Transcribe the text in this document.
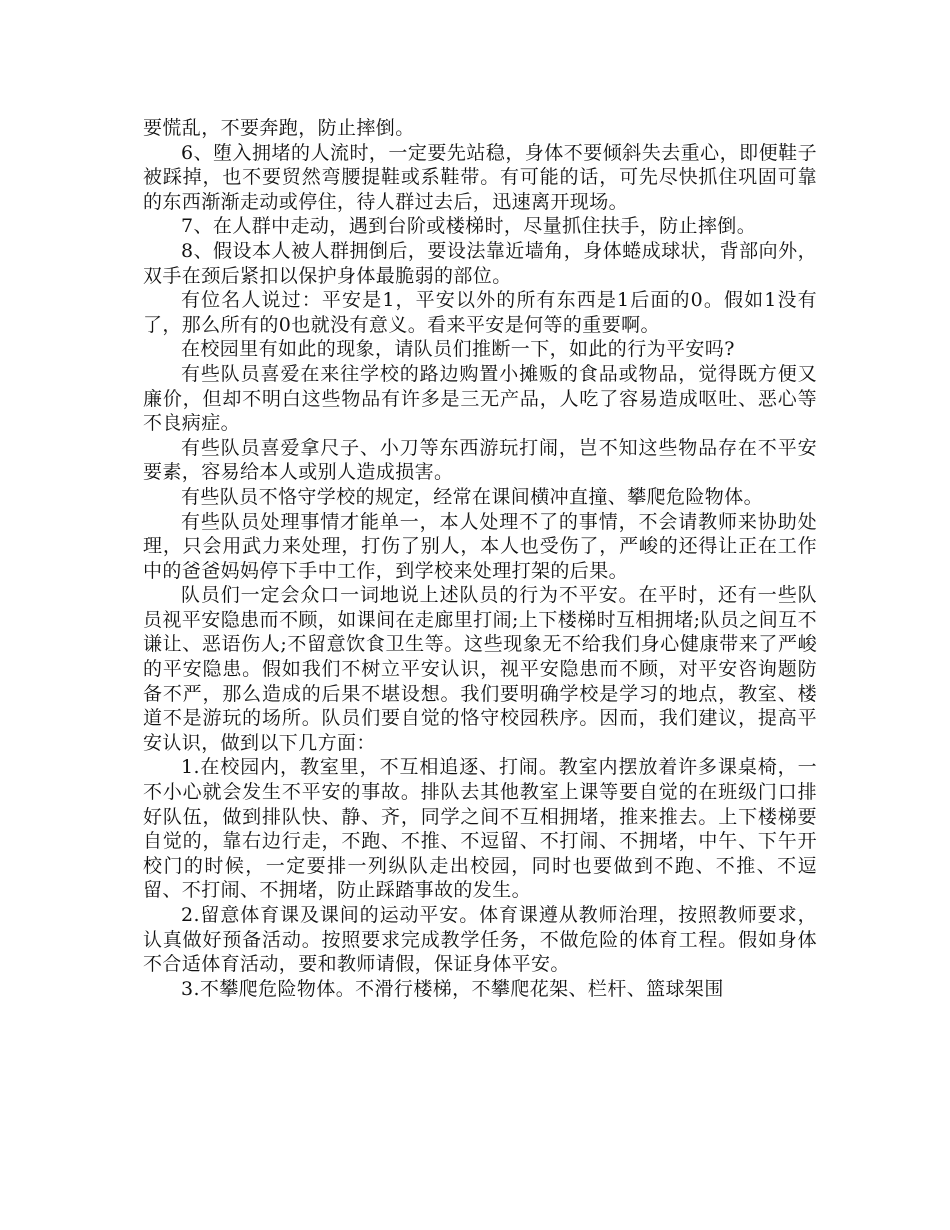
要慌乱，不要奔跑，防止摔倒。

6、堕入拥堵的人流时，一定要先站稳，身体不要倾斜失去重心，即便鞋子被踩掉，也不要贸然弯腰提鞋或系鞋带。有可能的话，可先尽快抓住巩固可靠的东西渐渐走动或停住，待人群过去后，迅速离开现场。

7、在人群中走动，遇到台阶或楼梯时，尽量抓住扶手，防止摔倒。

8、假设本人被人群拥倒后，要设法靠近墙角，身体蜷成球状，背部向外，双手在颈后紧扣以保护身体最脆弱的部位。

有位名人说过：平安是1，平安以外的所有东西是1后面的0。假如1没有了，那么所有的0也就没有意义。看来平安是何等的重要啊。

在校园里有如此的现象，请队员们推断一下，如此的行为平安吗?

有些队员喜爱在来往学校的路边购置小摊贩的食品或物品，觉得既方便又廉价，但却不明白这些物品有许多是三无产品，人吃了容易造成呕吐、恶心等不良病症。

有些队员喜爱拿尺子、小刀等东西游玩打闹，岂不知这些物品存在不平安要素，容易给本人或别人造成损害。

有些队员不恪守学校的规定，经常在课间横冲直撞、攀爬危险物体。

有些队员处理事情才能单一，本人处理不了的事情，不会请教师来协助处理，只会用武力来处理，打伤了别人，本人也受伤了，严峻的还得让正在工作中的爸爸妈妈停下手中工作，到学校来处理打架的后果。

队员们一定会众口一词地说上述队员的行为不平安。在平时，还有一些队员视平安隐患而不顾，如课间在走廊里打闹;上下楼梯时互相拥堵;队员之间互不谦让、恶语伤人;不留意饮食卫生等。这些现象无不给我们身心健康带来了严峻的平安隐患。假如我们不树立平安认识，视平安隐患而不顾，对平安咨询题防备不严，那么造成的后果不堪设想。我们要明确学校是学习的地点，教室、楼道不是游玩的场所。队员们要自觉的恪守校园秩序。因而，我们建议，提高平安认识，做到以下几方面：

1.在校园内，教室里，不互相追逐、打闹。教室内摆放着许多课桌椅，一不小心就会发生不平安的事故。排队去其他教室上课等要自觉的在班级门口排好队伍，做到排队快、静、齐，同学之间不互相拥堵，推来推去。上下楼梯要自觉的，靠右边行走，不跑、不推、不逗留、不打闹、不拥堵，中午、下午开校门的时候，一定要排一列纵队走出校园，同时也要做到不跑、不推、不逗留、不打闹、不拥堵，防止踩踏事故的发生。

2.留意体育课及课间的运动平安。体育课遵从教师治理，按照教师要求，认真做好预备活动。按照要求完成教学任务，不做危险的体育工程。假如身体不合适体育活动，要和教师请假，保证身体平安。

3.不攀爬危险物体。不滑行楼梯，不攀爬花架、栏杆、篮球架围
